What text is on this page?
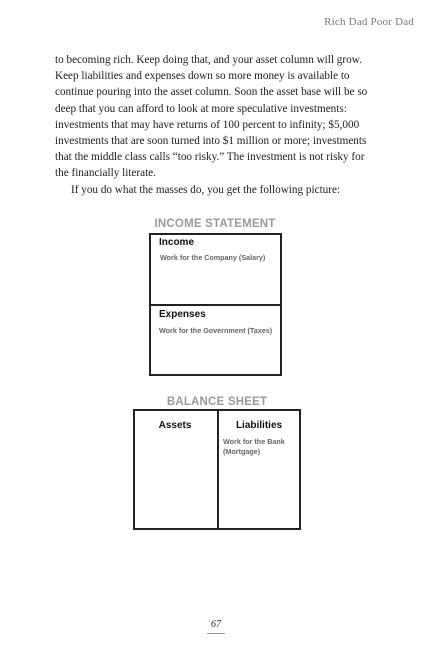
Rich Dad Poor Dad

to becoming rich. Keep doing that, and your asset column will grow. Keep liabilities and expenses down so more money is available to continue pouring into the asset column. Soon the asset base will be so deep that you can afford to look at more speculative investments: investments that may have returns of 100 percent to infinity; $5,000 investments that are soon turned into $1 million or more; investments that the middle class calls “too risky.” The investment is not risky for the financially literate.

If you do what the masses do, you get the following picture:

INCOME STATEMENT
Income
Work for the Company (Salary)
Expenses
Work for the Government (Taxes)
BALANCE SHEET
Assets	Liabilities
Work for the Bank (Mortgage)
67
